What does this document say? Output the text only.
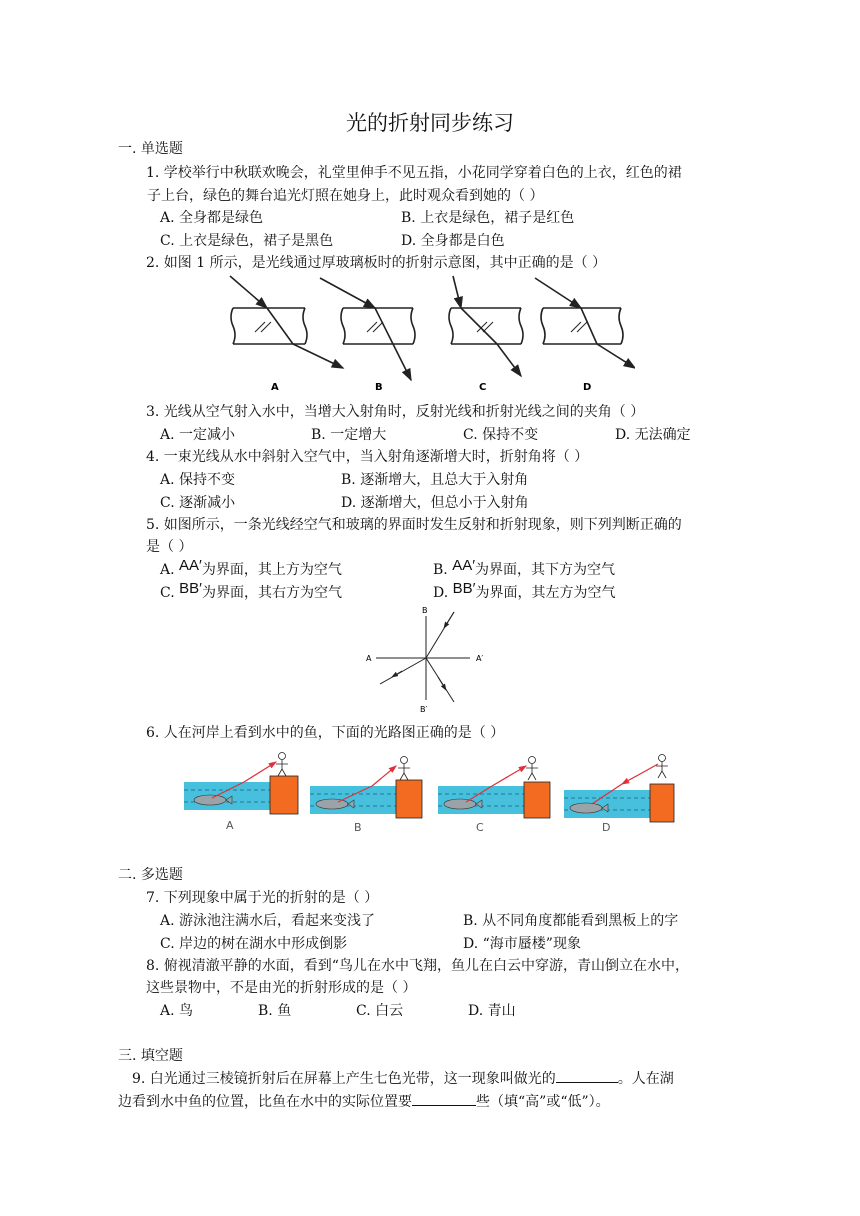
光的折射同步练习
一. 单选题
1. 学校举行中秋联欢晚会，礼堂里伸手不见五指，小花同学穿着白色的上衣，红色的裙
子上台，绿色的舞台追光灯照在她身上，此时观众看到她的（ ）
A. 全身都是绿色	B. 上衣是绿色，裙子是红色
C. 上衣是绿色，裙子是黑色	D. 全身都是白色
2. 如图 1 所示，是光线通过厚玻璃板时的折射示意图，其中正确的是（ ）
A	B	C	D
3. 光线从空气射入水中，当增大入射角时，反射光线和折射光线之间的夹角（ ）
A. 一定减小	B. 一定增大	C. 保持不变	D. 无法确定
4. 一束光线从水中斜射入空气中，当入射角逐渐增大时，折射角将（ ）
A. 保持不变	B. 逐渐增大，且总大于入射角
C. 逐渐减小	D. 逐渐增大，但总小于入射角
5. 如图所示，一条光线经空气和玻璃的界面时发生反射和折射现象，则下列判断正确的
是（ ）
A. AA′为界面，其上方为空气	B. AA′为界面，其下方为空气
C. BB′为界面，其右方为空气	D. BB′为界面，其左方为空气
B
A	A′
B′
6. 人在河岸上看到水中的鱼，下面的光路图正确的是（ ）
A	B	C	D
二. 多选题
7. 下列现象中属于光的折射的是（ ）
A. 游泳池注满水后，看起来变浅了	B. 从不同角度都能看到黑板上的字
C. 岸边的树在湖水中形成倒影	D. “海市蜃楼”现象
8. 俯视清澈平静的水面，看到“鸟儿在水中飞翔，鱼儿在白云中穿游，青山倒立在水中，
这些景物中，不是由光的折射形成的是（ ）
A. 鸟	B. 鱼	C. 白云	D. 青山
三. 填空题
9. 白光通过三棱镜折射后在屏幕上产生七色光带，这一现象叫做光的	。人在湖
边看到水中鱼的位置，比鱼在水中的实际位置要	些（填“高”或“低”）。
